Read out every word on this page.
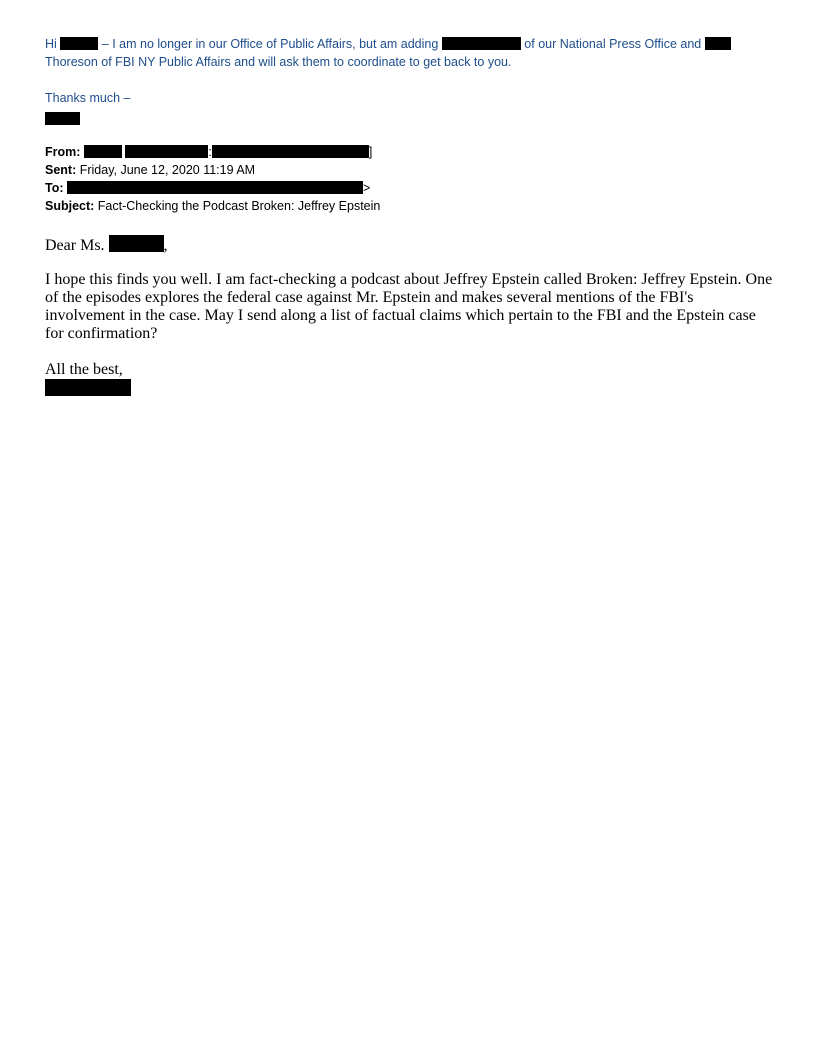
Hi	– I am no longer in our Office of Public Affairs, but am adding	of our National Press Office and
Thoreson of FBI NY Public Affairs and will ask them to coordinate to get back to you.
Thanks much –
From:	:	]
Sent: Friday, June 12, 2020 11:19 AM
To:	>
Subject: Fact-Checking the Podcast Broken: Jeffrey Epstein
Dear Ms.	,
I hope this finds you well. I am fact-checking a podcast about Jeffrey Epstein called Broken: Jeffrey Epstein. One of the episodes explores the federal case against Mr. Epstein and makes several mentions of the FBI's involvement in the case. May I send along a list of factual claims which pertain to the FBI and the Epstein case for confirmation?
All the best,
